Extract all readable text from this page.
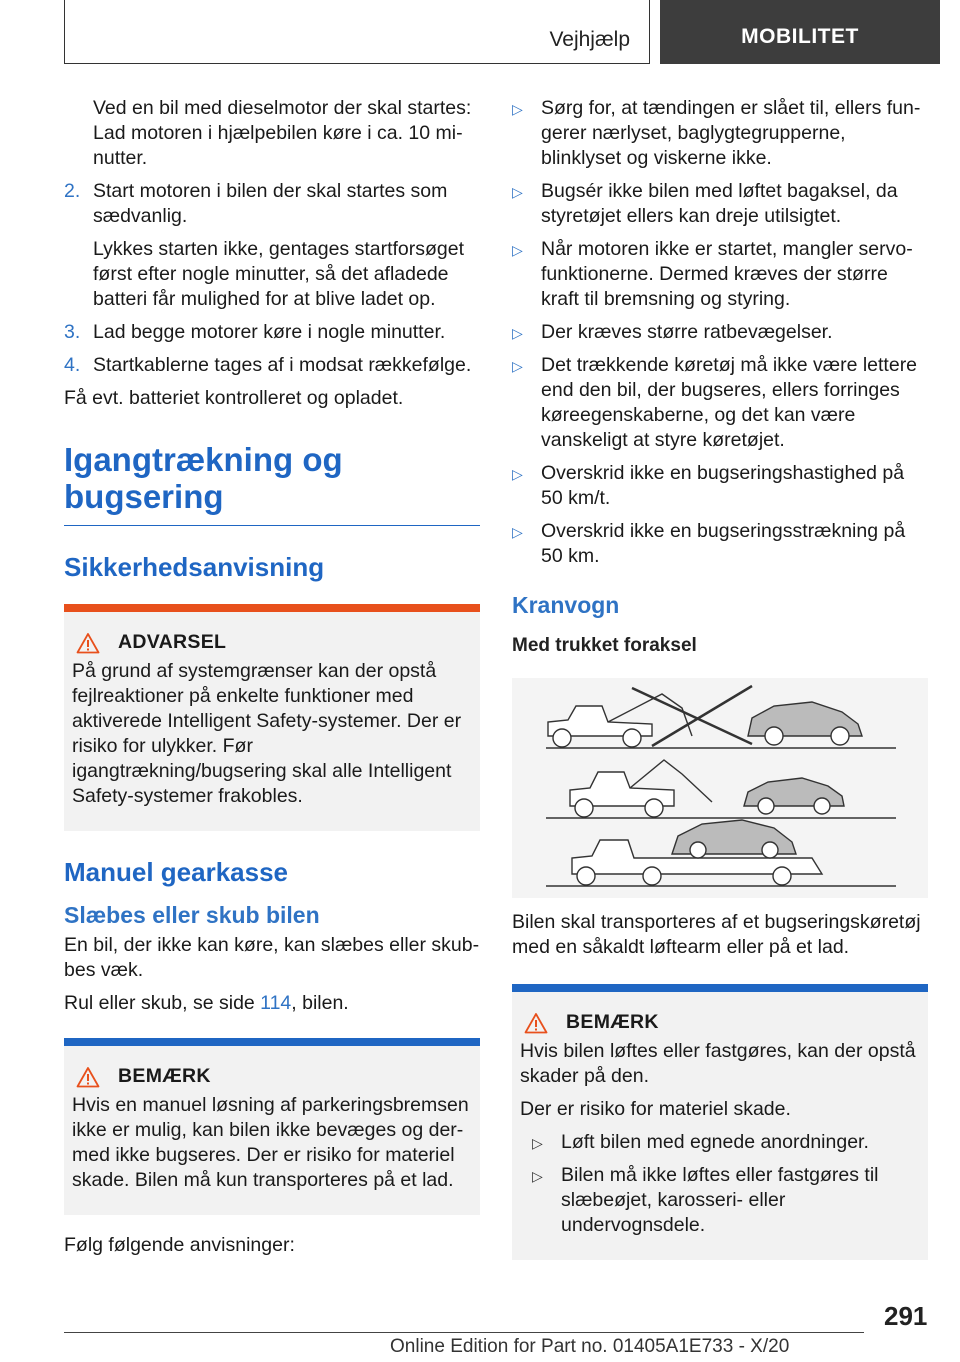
Vejhjælp	MOBILITET

Ved en bil med dieselmotor der skal startes: Lad motoren i hjælpebilen køre i ca. 10 minutter.

2. Start motoren i bilen der skal startes som sædvanlig.

Lykkes starten ikke, gentages startforsøget først efter nogle minutter, så det afladede batteri får mulighed for at blive ladet op.

3. Lad begge motorer køre i nogle minutter.
4. Startkablerne tages af i modsat rækkefølge.

Få evt. batteriet kontrolleret og opladet.

Igangtrækning og bugsering
Sikkerhedsanvisning
ADVARSEL

På grund af systemgrænser kan der opstå fejlreaktioner på enkelte funktioner med aktiverede Intelligent Safety-systemer. Der er risiko for ulykker. Før igangtrækning/bugsering skal alle Intelligent Safety-systemer frakobles.

Manuel gearkasse
Slæbes eller skub bilen

En bil, der ikke kan køre, kan slæbes eller skubbes væk.

Rul eller skub, se side 114, bilen.

BEMÆRK

Hvis en manuel løsning af parkeringsbremsen ikke er mulig, kan bilen ikke bevæges og dermed ikke bugseres. Der er risiko for materiel skade. Bilen må kun transporteres på et lad.

Følg følgende anvisninger:

▷ Sørg for, at tændingen er slået til, ellers fungerer nærlyset, baglygtegrupperne, blinklyset og viskerne ikke.
▷ Bugsér ikke bilen med løftet bagaksel, da styretøjet ellers kan dreje utilsigtet.
▷ Når motoren ikke er startet, mangler servofunktionerne. Dermed kræves der større kraft til bremsning og styring.
▷ Der kræves større ratbevægelser.
▷ Det trækkende køretøj må ikke være lettere end den bil, der bugseres, ellers forringes køreegenskaberne, og det kan være vanskeligt at styre køretøjet.
▷ Overskrid ikke en bugseringshastighed på 50 km/t.
▷ Overskrid ikke en bugseringsstrækning på 50 km.
Kranvogn
Med trukket foraksel

Bilen skal transporteres af et bugseringskøretøj med en såkaldt løftearm eller på et lad.

BEMÆRK

Hvis bilen løftes eller fastgøres, kan der opstå skader på den.

Der er risiko for materiel skade.

▷ Løft bilen med egnede anordninger.
▷ Bilen må ikke løftes eller fastgøres til slæbeøjet, karosseri- eller undervognsdele.
291
Online Edition for Part no. 01405A1E733 - X/20
